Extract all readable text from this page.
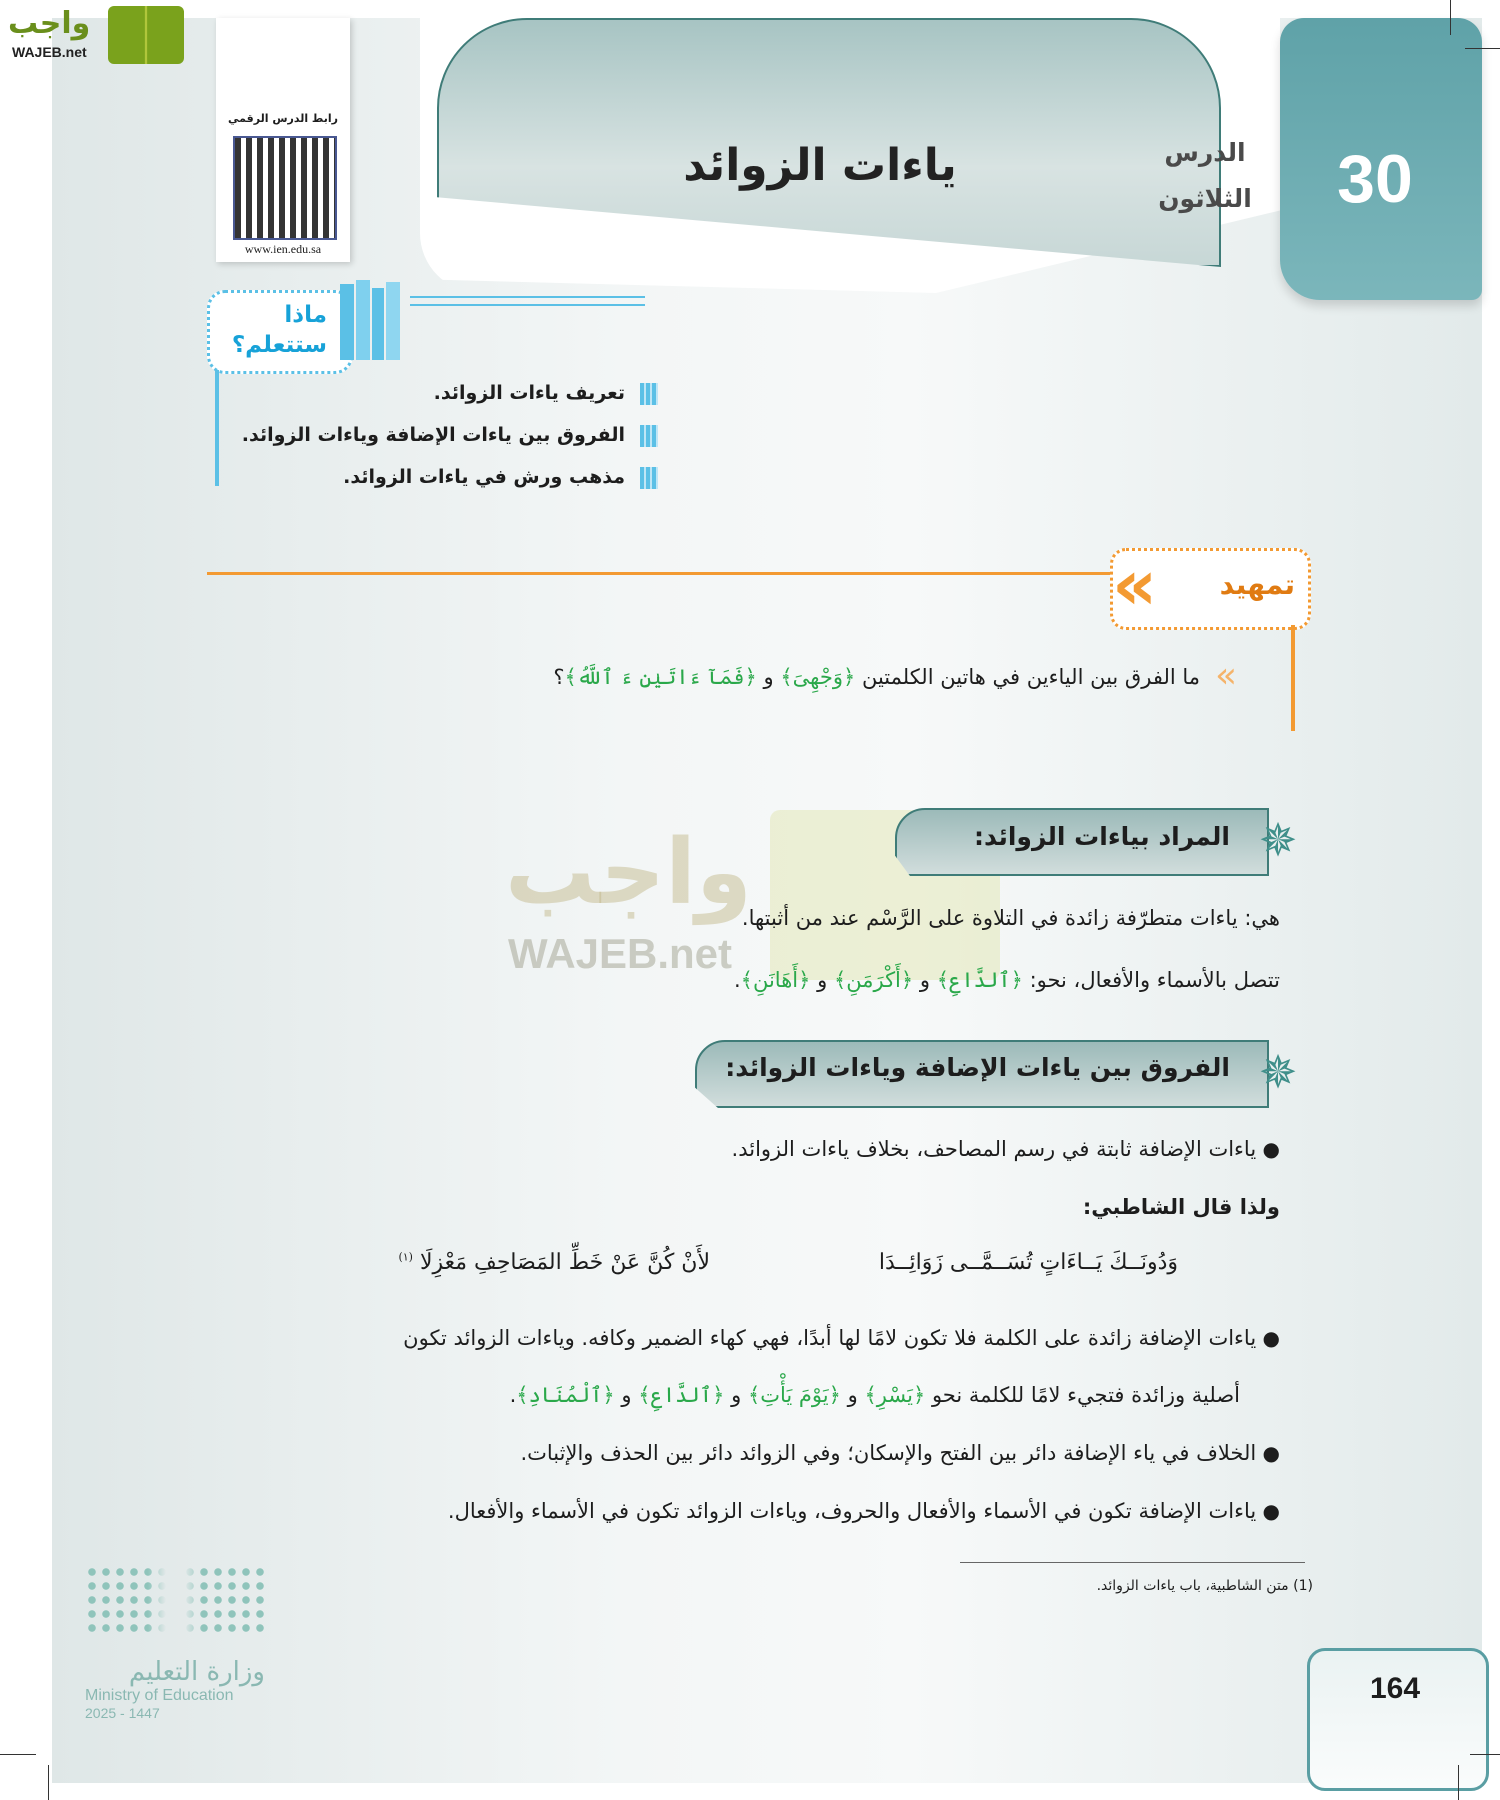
واجب
WAJEB.net
ياءات الزوائد	30
الدرس
الثلاثون
رابط الدرس الرقمي
www.ien.edu.sa
ماذا
ستتعلم؟
تعريف ياءات الزوائد.
الفروق بين ياءات الإضافة وياءات الزوائد.
مذهب ورش في ياءات الزوائد.
«	تمهيد
«
ما الفرق بين الياءين في هاتين الكلمتين ﴿وَجْهِىَ﴾ و ﴿فَمَآ ءَاتَيٰنِ ءَ ٱللَّهُ﴾؟
واجب
WAJEB.net
✵
المراد بياءات الزوائد:
هي: ياءات متطرّفة زائدة في التلاوة على الرَّسْم عند من أثبتها.
تتصل بالأسماء والأفعال، نحو: ﴿ٱلدَّاعِ﴾ و ﴿أَكْرَمَنِ﴾ و ﴿أَهَانَنِ﴾.
✵
الفروق بين ياءات الإضافة وياءات الزوائد:
● ياءات الإضافة ثابتة في رسم المصاحف، بخلاف ياءات الزوائد.
ولذا قال الشاطبي:
وَدُونَــكَ يَــاءَاتٍ تُسَــمَّــى زَوَائِــدَا
لأَنْ كُنَّ عَنْ خَطِّ المَصَاحِفِ مَعْزِلَا $^{(١)}$
● ياءات الإضافة زائدة على الكلمة فلا تكون لامًا لها أبدًا، فهي كهاء الضمير وكافه. وياءات الزوائد تكون
أصلية وزائدة فتجيء لامًا للكلمة نحو ﴿يَسْرِ﴾ و ﴿يَوْمَ يَأْتِ﴾ و ﴿ٱلدَّاعِ﴾ و ﴿ٱلْمُنَادِ﴾.
● الخلاف في ياء الإضافة دائر بين الفتح والإسكان؛ وفي الزوائد دائر بين الحذف والإثبات.
● ياءات الإضافة تكون في الأسماء والأفعال والحروف، وياءات الزوائد تكون في الأسماء والأفعال.
(1) متن الشاطبية، باب ياءات الزوائد.
وزارة التعليم
Ministry of Education
2025 - 1447
164
